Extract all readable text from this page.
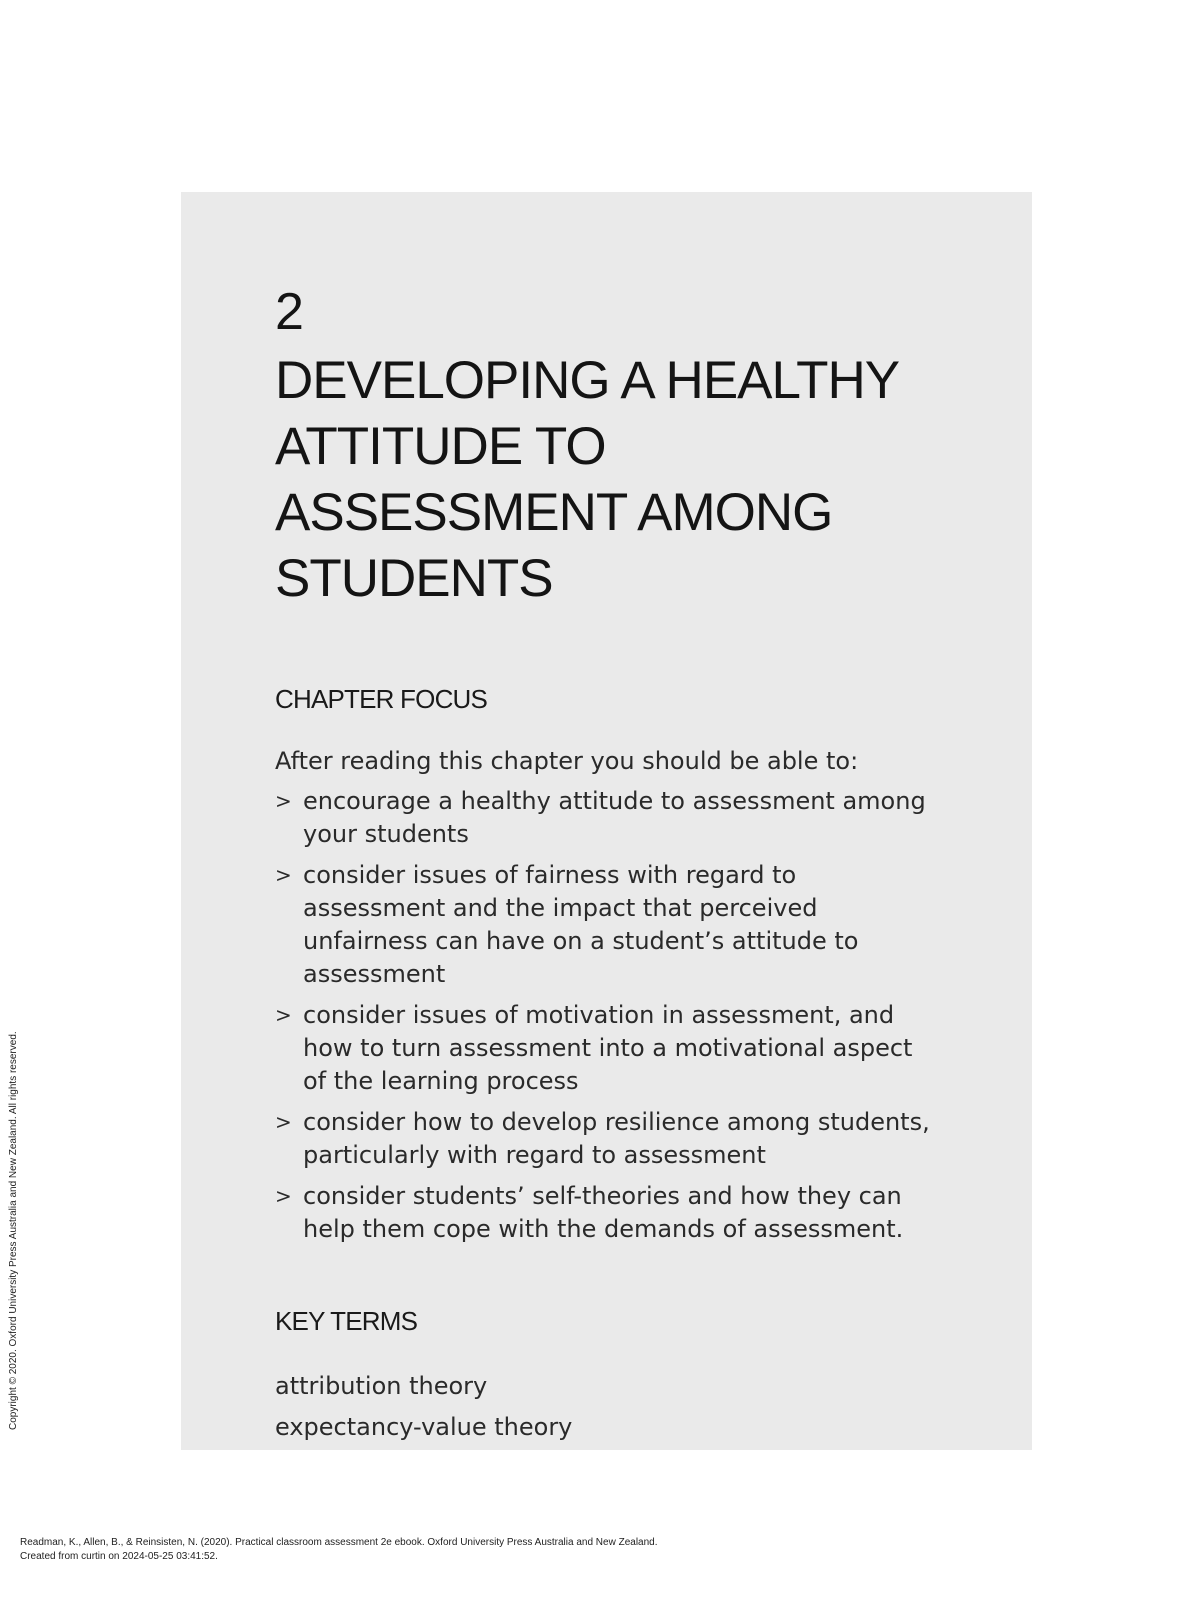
2
DEVELOPING A HEALTHY
ATTITUDE TO
ASSESSMENT AMONG
STUDENTS
CHAPTER FOCUS

After reading this chapter you should be able to:

> encourage a healthy attitude to assessment among
your students
> consider issues of fairness with regard to
assessment and the impact that perceived
unfairness can have on a student’s attitude to
assessment
> consider issues of motivation in assessment, and
how to turn assessment into a motivational aspect
of the learning process
> consider how to develop resilience among students,
particularly with regard to assessment
> consider students’ self-theories and how they can
help them cope with the demands of assessment.
KEY TERMS
attribution theory
expectancy-value theory
Copyright © 2020. Oxford University Press Australia and New Zealand. All rights reserved.
Readman, K., Allen, B., & Reinsisten, N. (2020). Practical classroom assessment 2e ebook. Oxford University Press Australia and New Zealand.
Created from curtin on 2024-05-25 03:41:52.
